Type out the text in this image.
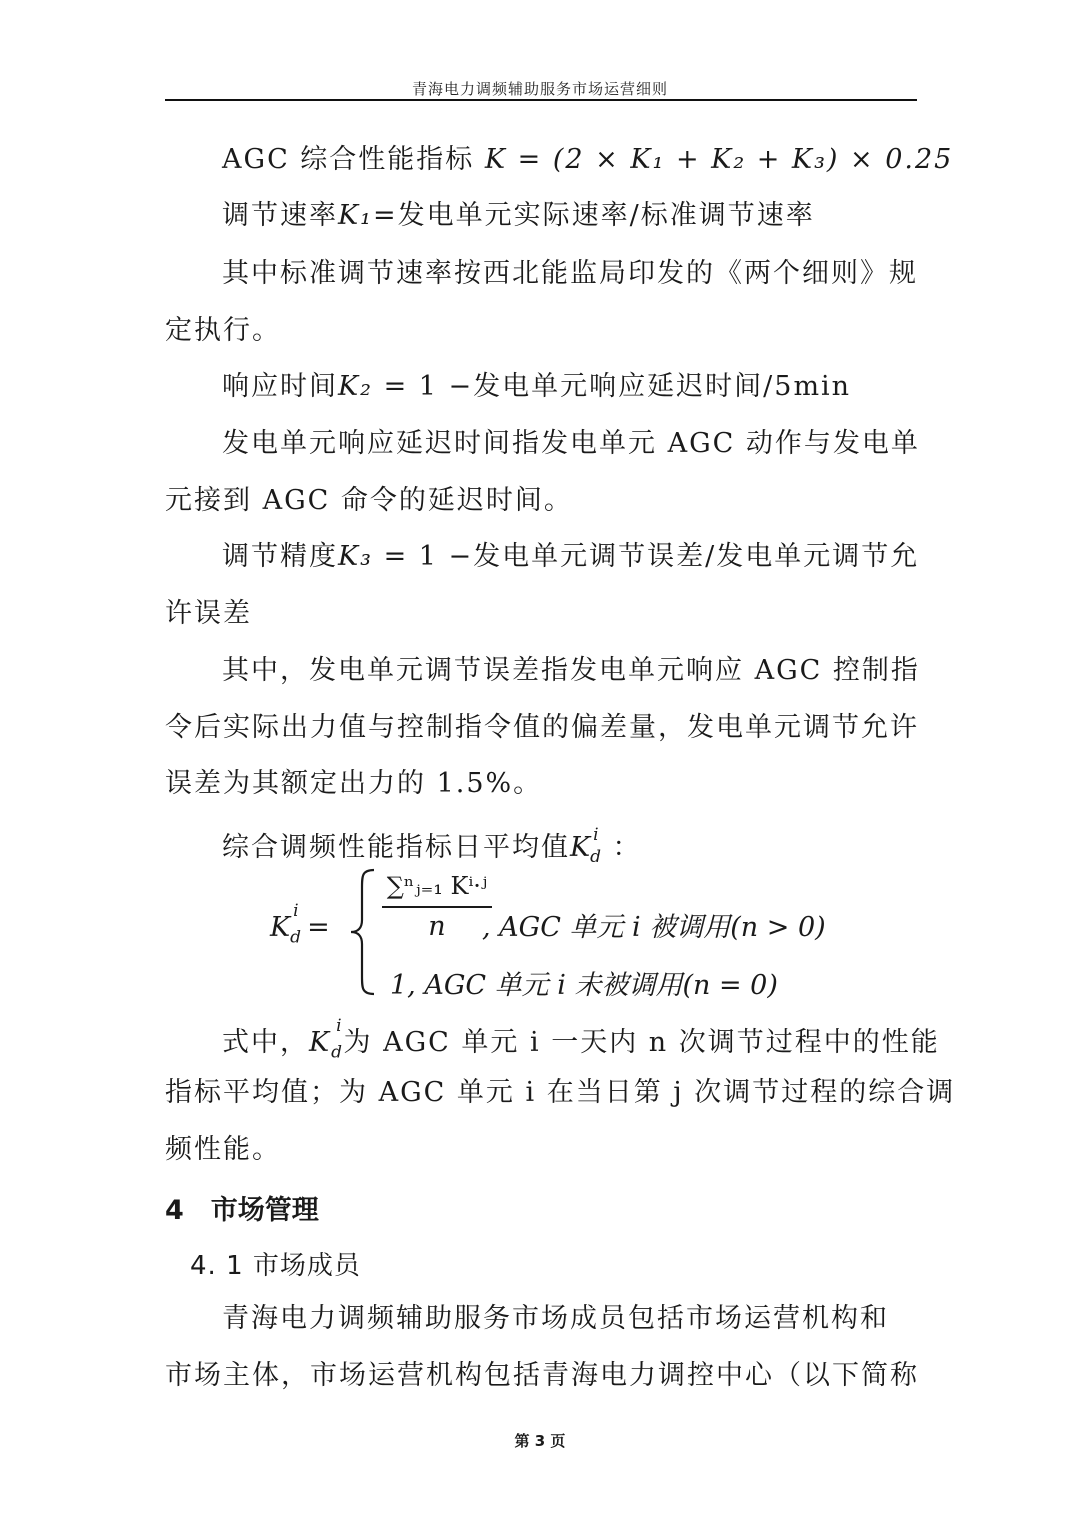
青海电力调频辅助服务市场运营细则
AGC 综合性能指标 K = (2 × K₁ + K₂ + K₃) × 0.25
调节速率K₁=发电单元实际速率/标准调节速率
其中标准调节速率按西北能监局印发的《两个细则》规
定执行。
响应时间K₂ = 1 −发电单元响应延迟时间/5min
发电单元响应延迟时间指发电单元 AGC 动作与发电单
元接到 AGC 命令的延迟时间。
调节精度K₃ = 1 −发电单元调节误差/发电单元调节允
许误差
其中，发电单元调节误差指发电单元响应 AGC 控制指
令后实际出力值与控制指令值的偏差量，发电单元调节允许
误差为其额定出力的 1.5%。
综合调频性能指标日平均值$K_d^i$ ：
$K_d^i$ =
∑ⁿⱼ₌₁ Kⁱ·ʲ
n	, AGC 单元 i 被调用(n > 0)
1, AGC 单元 i 未被调用(n = 0)
式中，$K_d^i$为 AGC 单元 i 一天内 n 次调节过程中的性能
指标平均值；为 AGC 单元 i 在当日第 j 次调节过程的综合调
频性能。
4　市场管理
4. 1 市场成员
青海电力调频辅助服务市场成员包括市场运营机构和
市场主体，市场运营机构包括青海电力调控中心（以下简称
第 3 页
